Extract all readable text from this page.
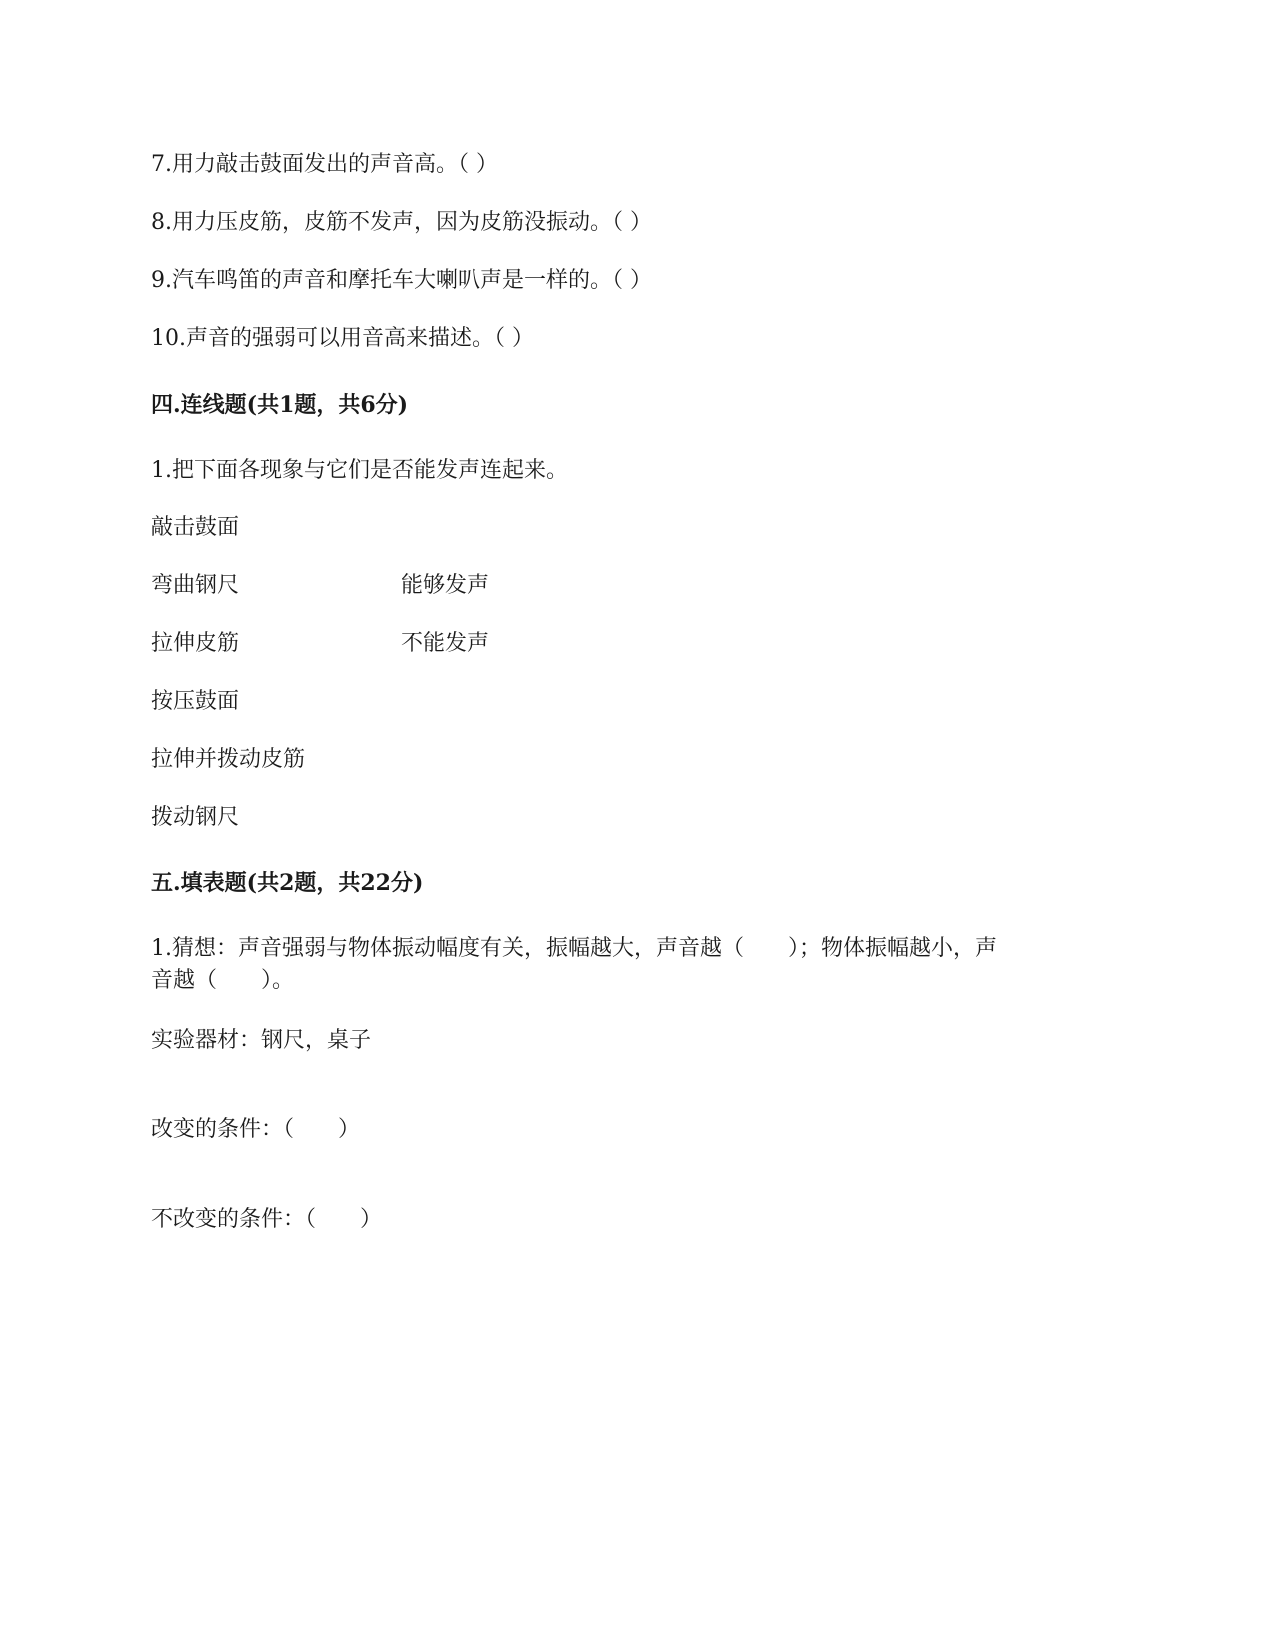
7.用力敲击鼓面发出的声音高。（ ）
8.用力压皮筋，皮筋不发声，因为皮筋没振动。（ ）
9.汽车鸣笛的声音和摩托车大喇叭声是一样的。（ ）
10.声音的强弱可以用音高来描述。（ ）
四.连线题(共1题，共6分)
1.把下面各现象与它们是否能发声连起来。
敲击鼓面
弯曲钢尺	能够发声
拉伸皮筋	不能发声
按压鼓面
拉伸并拨动皮筋
拨动钢尺
五.填表题(共2题，共22分)
1.猜想：声音强弱与物体振动幅度有关，振幅越大，声音越（　　）；物体振幅越小，声
音越（　　）。
实验器材：钢尺，桌子
改变的条件：（　　）
不改变的条件：（　　）
